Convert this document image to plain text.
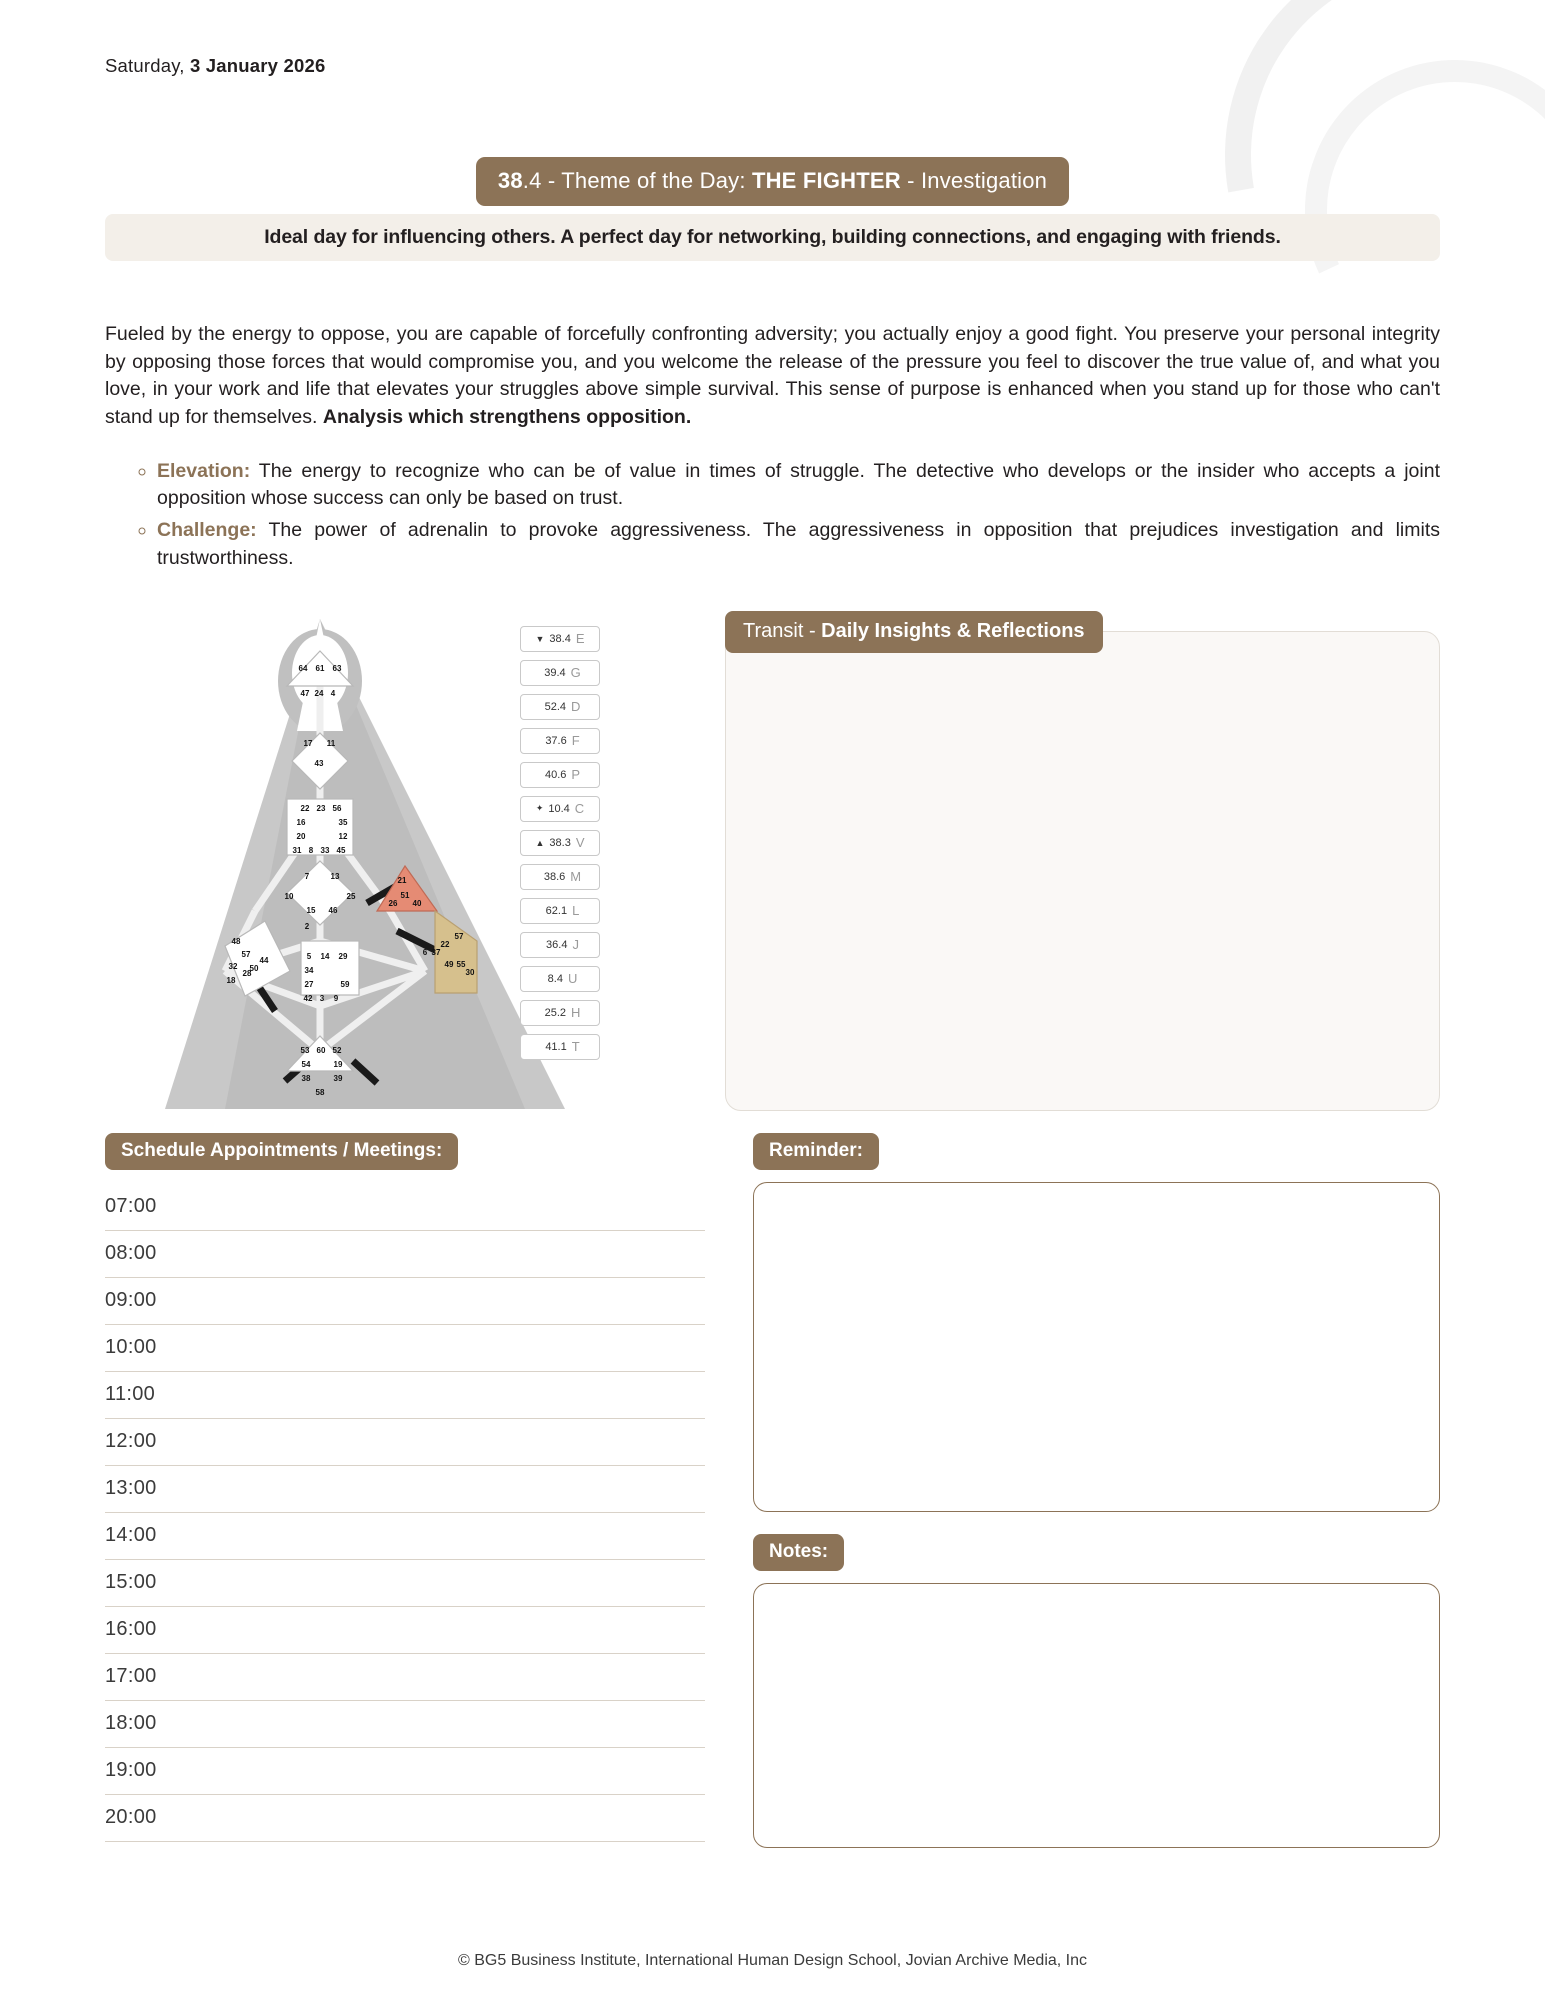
Saturday, 3 January 2026
38.4 - Theme of the Day: THE FIGHTER - Investigation
Ideal day for influencing others. A perfect day for networking, building connections, and engaging with friends.
Fueled by the energy to oppose, you are capable of forcefully confronting adversity; you actually enjoy a good fight. You preserve your personal integrity by opposing those forces that would compromise you, and you welcome the release of the pressure you feel to discover the true value of, and what you love, in your work and life that elevates your struggles above simple survival. This sense of purpose is enhanced when you stand up for those who can't stand up for themselves. Analysis which strengthens opposition.
◦ Elevation: The energy to recognize who can be of value in times of struggle. The detective who develops or the insider who accepts a joint opposition whose success can only be based on trust.
◦ Challenge: The power of adrenalin to provoke aggressiveness. The aggressiveness in opposition that prejudices investigation and limits trustworthiness.
64 61 63
47 24 4
17 11
43
22 23 56
16	35
20	12
31 8 33 45
7	13
10	25
15 46
2
21
51
26 40
48
57
44
50
32
28
18
57
22
37
6
49 55
30
5 14 29
34
27	59
42 3 9
53 60 52
54	19
38	39
58
▼ 38.4 E
39.4 G
52.4 D
37.6 F
40.6 P
✦ 10.4 C
▲ 38.3 V
38.6 M
62.1 L
36.4 J
8.4 U
25.2 H
41.1 T
Transit - Daily Insights & Reflections
Schedule Appointments / Meetings:
07:00
08:00
09:00
10:00
11:00
12:00
13:00
14:00
15:00
16:00
17:00
18:00
19:00
20:00
Reminder:
Notes:
© BG5 Business Institute, International Human Design School, Jovian Archive Media, Inc
